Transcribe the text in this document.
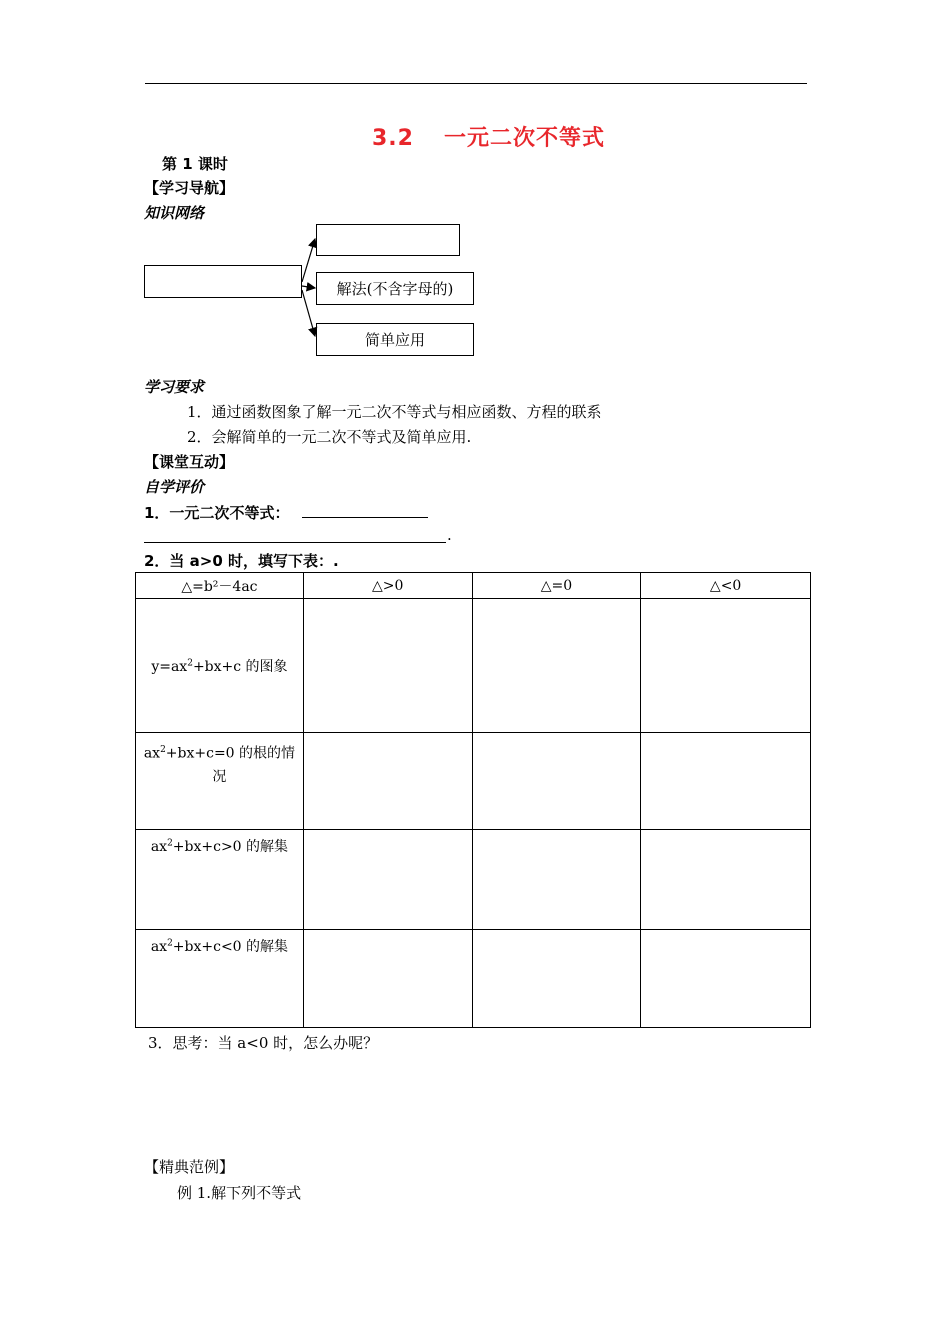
3.2 一元二次不等式
第 1 课时
【学习导航】
知识网络
解法(不含字母的)
简单应用
学习要求
1．通过函数图象了解一元二次不等式与相应函数、方程的联系
2．会解简单的一元二次不等式及简单应用.
【课堂互动】
自学评价
1．一元二次不等式：
.
2．当 a>0 时，填写下表：.
△=b²－4ac	△>0	△=0	△<0
$y=ax^2+bx+c$ 的图象			
$ax^2+bx+c=0$ 的根的情况			
$ax^2+bx+c>0$ 的解集			
$ax^2+bx+c<0$ 的解集			
3．思考：当 a<0 时，怎么办呢？
【精典范例】
例 1.解下列不等式
